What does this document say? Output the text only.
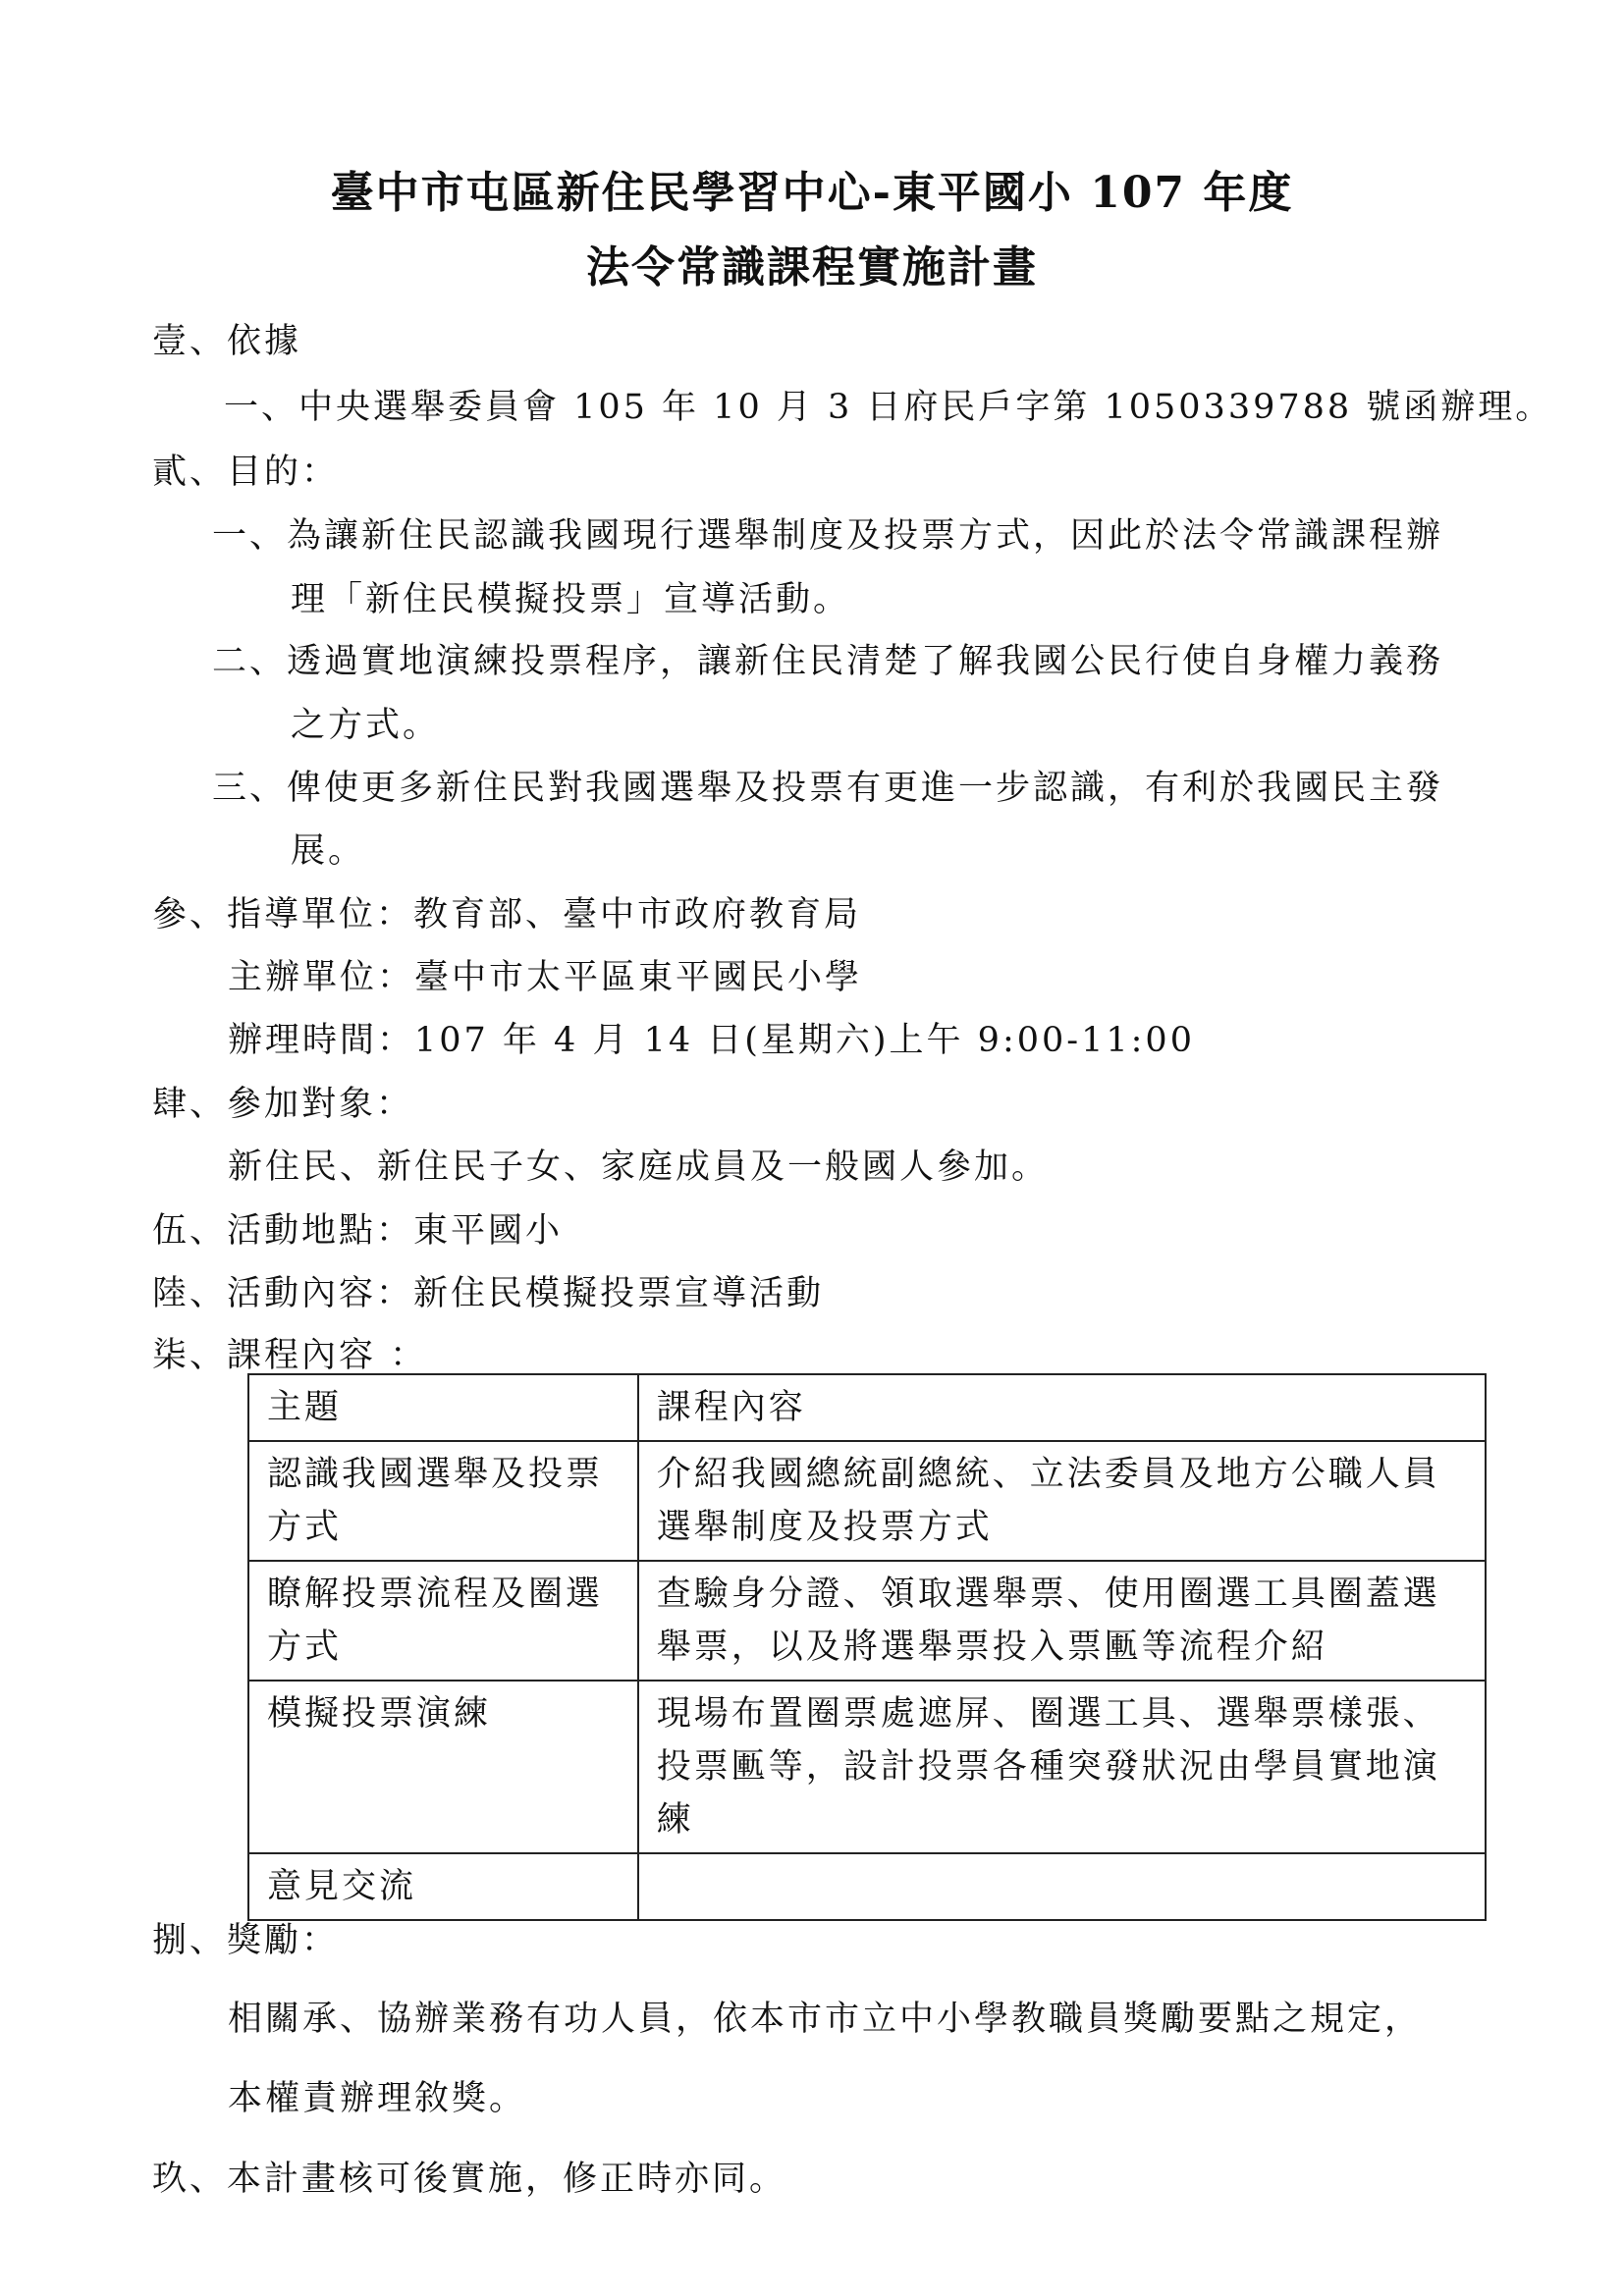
臺中市屯區新住民學習中心-東平國小 107 年度
法令常識課程實施計畫
壹、依據
一、中央選舉委員會 105 年 10 月 3 日府民戶字第 1050339788 號函辦理。
貳、目的：
一、為讓新住民認識我國現行選舉制度及投票方式，因此於法令常識課程辦
理「新住民模擬投票」宣導活動。
二、透過實地演練投票程序，讓新住民清楚了解我國公民行使自身權力義務
之方式。
三、俾使更多新住民對我國選舉及投票有更進一步認識，有利於我國民主發
展。
參、指導單位：教育部、臺中市政府教育局
主辦單位：臺中市太平區東平國民小學
辦理時間：107 年 4 月 14 日(星期六)上午 9:00-11:00
肆、參加對象：
新住民、新住民子女、家庭成員及一般國人參加。
伍、活動地點：東平國小
陸、活動內容：新住民模擬投票宣導活動
柒、課程內容 ：
主題	課程內容

認識我國選舉及投票
方式	介紹我國總統副總統、立法委員及地方公職人員
選舉制度及投票方式

瞭解投票流程及圈選
方式	查驗身分證、領取選舉票、使用圈選工具圈蓋選
舉票，以及將選舉票投入票匭等流程介紹

模擬投票演練	現場布置圈票處遮屏、圈選工具、選舉票樣張、
投票匭等，設計投票各種突發狀況由學員實地演
練

意見交流	

捌、獎勵：
相關承、協辦業務有功人員，依本市市立中小學教職員獎勵要點之規定，
本權責辦理敘獎。
玖、本計畫核可後實施，修正時亦同。
